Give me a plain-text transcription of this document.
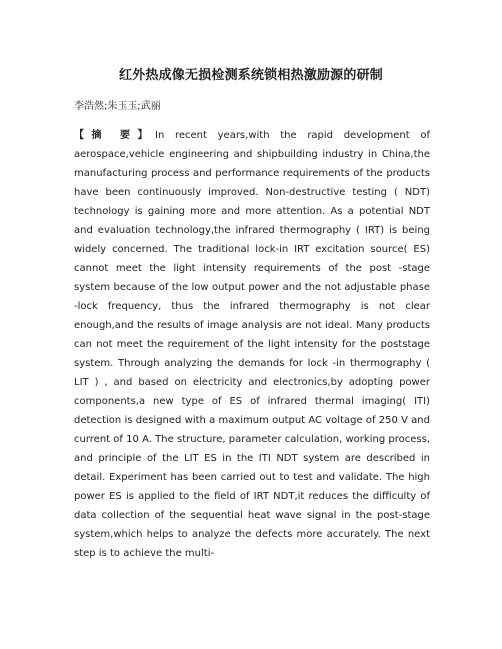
红外热成像无损检测系统锁相热激励源的研制
李浩然;朱玉玉;武丽
【摘 要】In recent years,with the rapid development of aerospace,vehicle engineering and shipbuilding industry in China,the manufacturing process and performance requirements of the products have been continuously improved. Non-destructive testing ( NDT) technology is gaining more and more attention. As a potential NDT and evaluation technology,the infrared thermography ( IRT) is being widely concerned. The traditional lock-in IRT excitation source( ES) cannot meet the light intensity requirements of the post -stage system because of the low output power and the not adjustable phase -lock frequency, thus the infrared thermography is not clear enough,and the results of image analysis are not ideal. Many products can not meet the requirement of the light intensity for the poststage system. Through analyzing the demands for lock -in thermography ( LIT ) , and based on electricity and electronics,by adopting power components,a new type of ES of infrared thermal imaging( ITI) detection is designed with a maximum output AC voltage of 250 V and current of 10 A. The structure, parameter calculation, working process, and principle of the LIT ES in the ITI NDT system are described in detail. Experiment has been carried out to test and validate. The high power ES is applied to the field of IRT NDT,it reduces the difficulty of data collection of the sequential heat wave signal in the post-stage system,which helps to analyze the defects more accurately. The next step is to achieve the multi-
